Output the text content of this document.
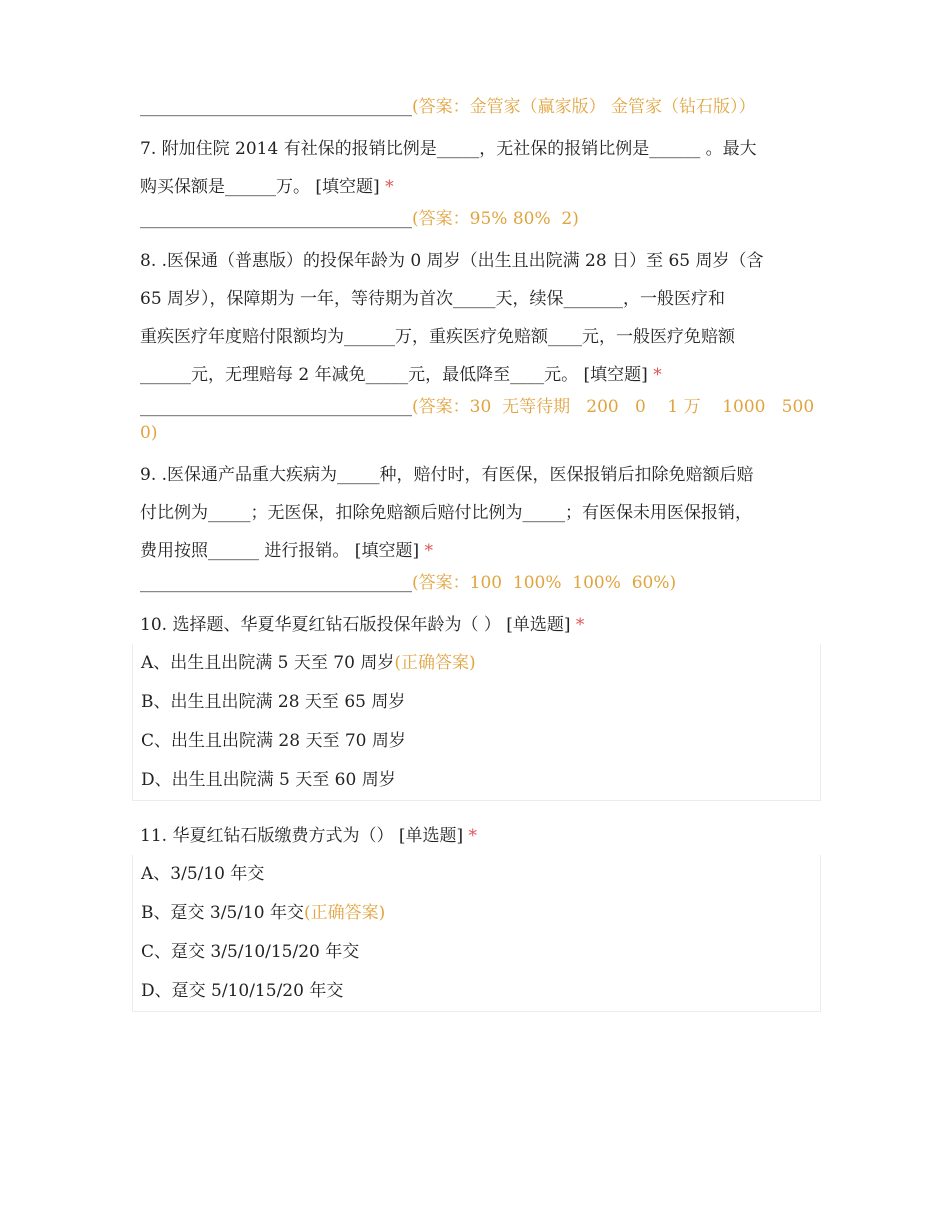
________________________________(答案：金管家（赢家版） 金管家（钻石版））
7. 附加住院 2014 有社保的报销比例是_____，无社保的报销比例是______ 。最大
购买保额是______万。 [填空题] *
________________________________(答案：95% 80%  2)
8. .医保通（普惠版）的投保年龄为 0 周岁（出生且出院满 28 日）至 65 周岁（含
65 周岁），保障期为 一年，等待期为首次_____天，续保_______，一般医疗和
重疾医疗年度赔付限额均为______万，重疾医疗免赔额____元，一般医疗免赔额
______元，无理赔每 2 年减免_____元，最低降至____元。 [填空题] *
________________________________(答案：30  无等待期   200   0    1 万    1000   5000)
9. .医保通产品重大疾病为_____种，赔付时，有医保，医保报销后扣除免赔额后赔
付比例为_____；无医保，扣除免赔额后赔付比例为_____；有医保未用医保报销，
费用按照______ 进行报销。 [填空题] *
________________________________(答案：100  100%  100%  60%)
10. 选择题、华夏华夏红钻石版投保年龄为（ ） [单选题] *
A、出生且出院满 5 天至 70 周岁(正确答案)
B、出生且出院满 28 天至 65 周岁
C、出生且出院满 28 天至 70 周岁
D、出生且出院满 5 天至 60 周岁
11. 华夏红钻石版缴费方式为（） [单选题] *
A、3/5/10 年交
B、趸交 3/5/10 年交(正确答案)
C、趸交 3/5/10/15/20 年交
D、趸交 5/10/15/20 年交
